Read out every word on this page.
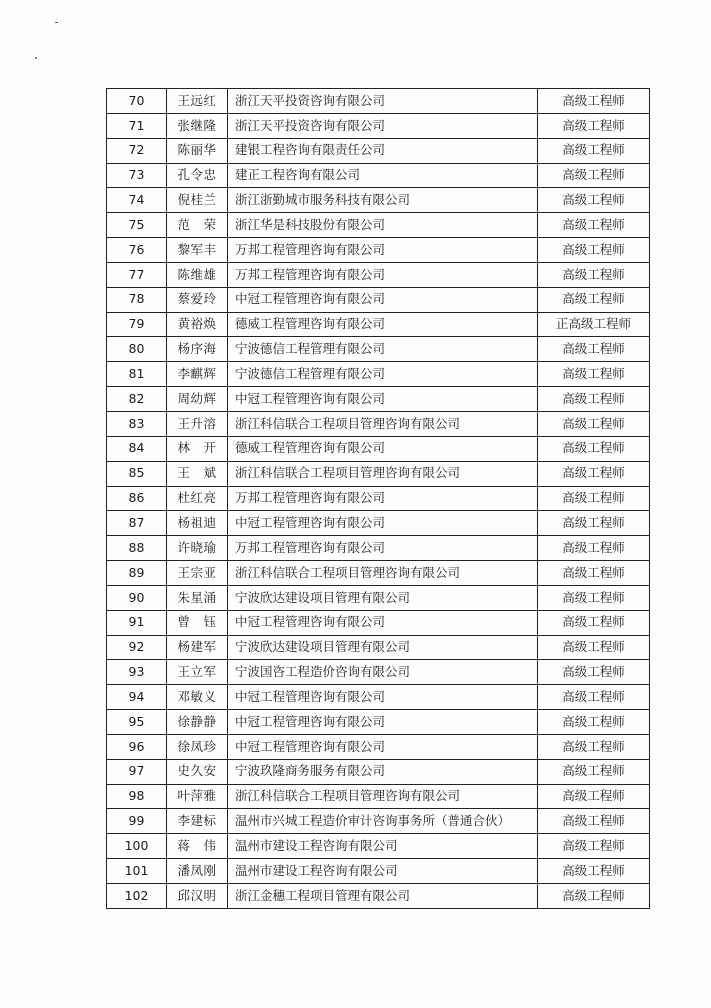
70	王远红	浙江天平投资咨询有限公司	高级工程师
71	张继隆	浙江天平投资咨询有限公司	高级工程师
72	陈丽华	建银工程咨询有限责任公司	高级工程师
73	孔令忠	建正工程咨询有限公司	高级工程师
74	倪桂兰	浙江浙勤城市服务科技有限公司	高级工程师
75	范　荣	浙江华是科技股份有限公司	高级工程师
76	黎军丰	万邦工程管理咨询有限公司	高级工程师
77	陈维雄	万邦工程管理咨询有限公司	高级工程师
78	蔡爱玲	中冠工程管理咨询有限公司	高级工程师
79	黄裕焕	德威工程管理咨询有限公司	正高级工程师
80	杨序海	宁波德信工程管理有限公司	高级工程师
81	李麒辉	宁波德信工程管理有限公司	高级工程师
82	周幼辉	中冠工程管理咨询有限公司	高级工程师
83	王升溶	浙江科信联合工程项目管理咨询有限公司	高级工程师
84	林　开	德威工程管理咨询有限公司	高级工程师
85	王　斌	浙江科信联合工程项目管理咨询有限公司	高级工程师
86	杜红亮	万邦工程管理咨询有限公司	高级工程师
87	杨祖迪	中冠工程管理咨询有限公司	高级工程师
88	许晓瑜	万邦工程管理咨询有限公司	高级工程师
89	王宗亚	浙江科信联合工程项目管理咨询有限公司	高级工程师
90	朱星涌	宁波欣达建设项目管理有限公司	高级工程师
91	曾　钰	中冠工程管理咨询有限公司	高级工程师
92	杨建军	宁波欣达建设项目管理有限公司	高级工程师
93	王立军	宁波国咨工程造价咨询有限公司	高级工程师
94	邓敏义	中冠工程管理咨询有限公司	高级工程师
95	徐静静	中冠工程管理咨询有限公司	高级工程师
96	徐凤珍	中冠工程管理咨询有限公司	高级工程师
97	史久安	宁波玖隆商务服务有限公司	高级工程师
98	叶萍雅	浙江科信联合工程项目管理咨询有限公司	高级工程师
99	李建标	温州市兴城工程造价审计咨询事务所（普通合伙）	高级工程师
100	蒋　伟	温州市建设工程咨询有限公司	高级工程师
101	潘凤刚	温州市建设工程咨询有限公司	高级工程师
102	邱汉明	浙江金穗工程项目管理有限公司	高级工程师
